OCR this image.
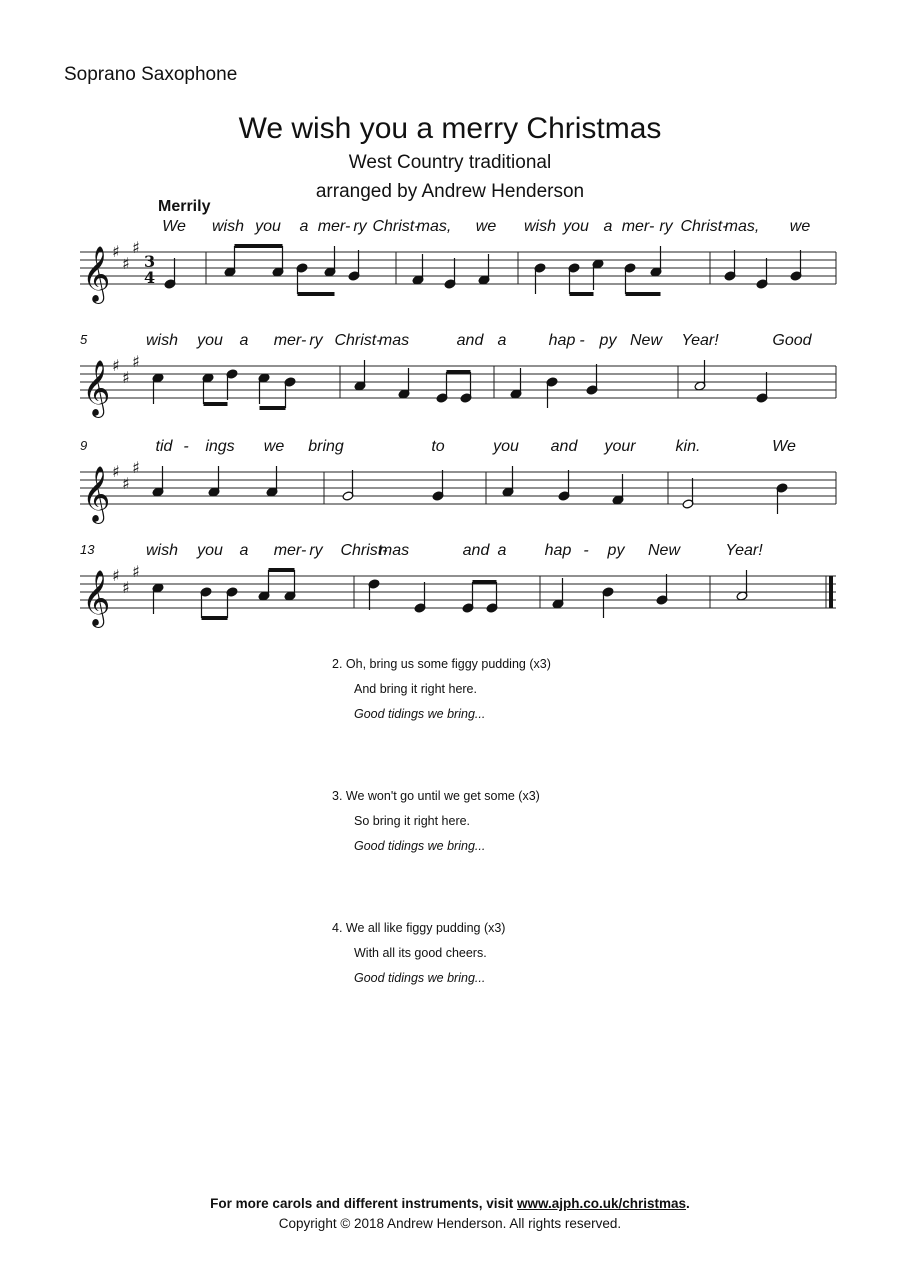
Soprano Saxophone
We wish you a merry Christmas
West Country traditional
arranged by Andrew Henderson
Merrily
𝄞 ♯
♯
♯
3
4
We wish you a mer- ry Christ-
mas, we wish you a mer- ry Christ-
mas, we
5
𝄞 ♯
♯
♯
wish you a mer- ry Christ-
mas	and a	hap - py New Year!	Good
9
𝄞 ♯
♯
♯
tid - ings we bring	to	you and your kin.	We
13
𝄞 ♯
♯
♯
wish you a mer- ry Christ-
mas	and a hap - py New	Year!
2. Oh, bring us some figgy pudding (x3)
And bring it right here.
Good tidings we bring...
3. We won't go until we get some (x3)
So bring it right here.
Good tidings we bring...
4. We all like figgy pudding (x3)
With all its good cheers.
Good tidings we bring...
For more carols and different instruments, visit www.ajph.co.uk/christmas.
Copyright © 2018 Andrew Henderson. All rights reserved.
